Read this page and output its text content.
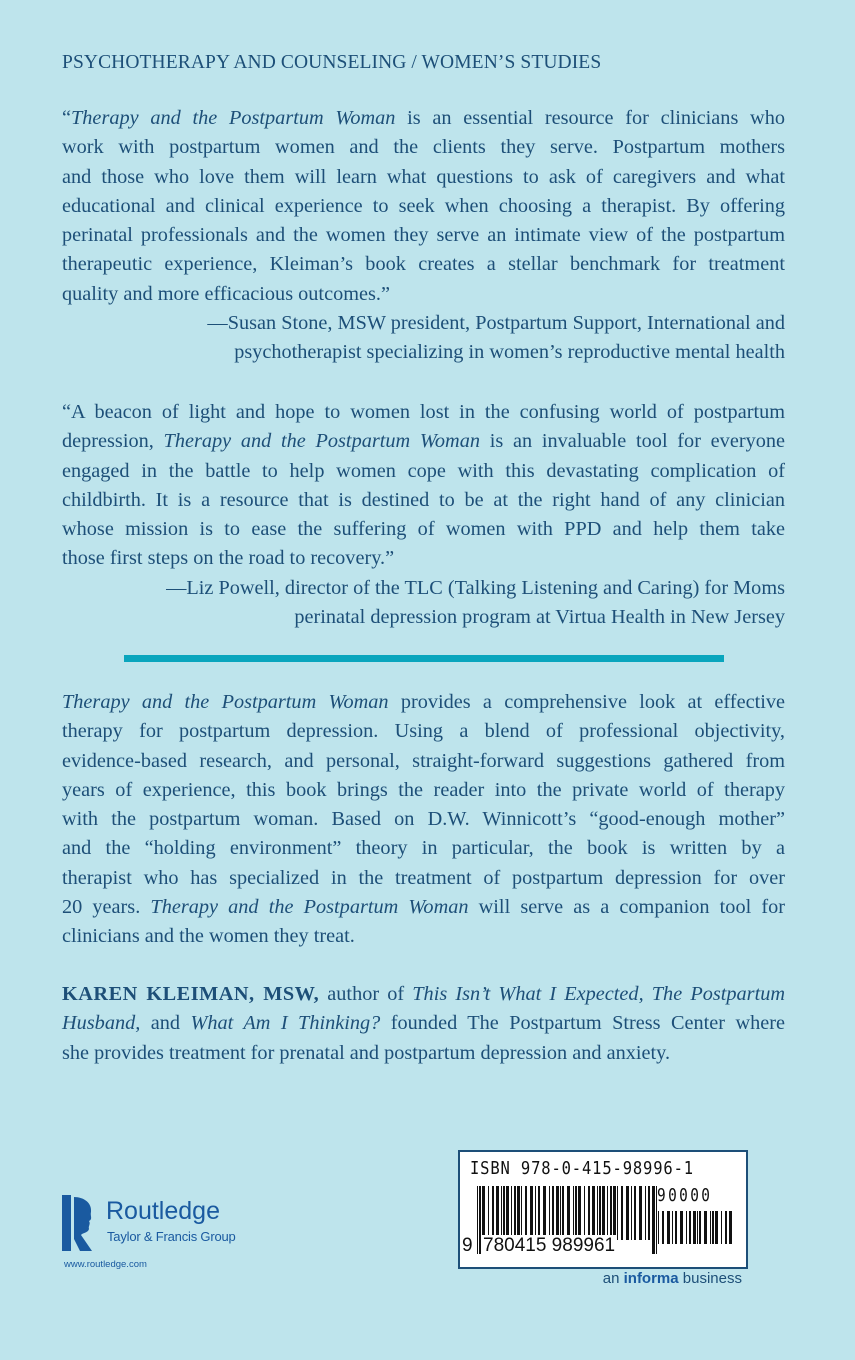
PSYCHOTHERAPY AND COUNSELING / WOMEN’S STUDIES
“Therapy and the Postpartum Woman is an essential resource for clinicians who
work with postpartum women and the clients they serve. Postpartum mothers
and those who love them will learn what questions to ask of caregivers and what
educational and clinical experience to seek when choosing a therapist. By offering
perinatal professionals and the women they serve an intimate view of the postpartum
therapeutic experience, Kleiman’s book creates a stellar benchmark for treatment
quality and more efficacious outcomes.”
—Susan Stone, MSW president, Postpartum Support, International and
psychotherapist specializing in women’s reproductive mental health
“A beacon of light and hope to women lost in the confusing world of postpartum
depression, Therapy and the Postpartum Woman is an invaluable tool for everyone
engaged in the battle to help women cope with this devastating complication of
childbirth. It is a resource that is destined to be at the right hand of any clinician
whose mission is to ease the suffering of women with PPD and help them take
those first steps on the road to recovery.”
—Liz Powell, director of the TLC (Talking Listening and Caring) for Moms
perinatal depression program at Virtua Health in New Jersey
Therapy and the Postpartum Woman provides a comprehensive look at effective
therapy for postpartum depression. Using a blend of professional objectivity,
evidence-based research, and personal, straight-forward suggestions gathered from
years of experience, this book brings the reader into the private world of therapy
with the postpartum woman. Based on D.W. Winnicott’s “good-enough mother”
and the “holding environment” theory in particular, the book is written by a
therapist who has specialized in the treatment of postpartum depression for over
20 years. Therapy and the Postpartum Woman will serve as a companion tool for
clinicians and the women they treat.
KAREN KLEIMAN, MSW, author of This Isn’t What I Expected, The Postpartum
Husband, and What Am I Thinking? founded The Postpartum Stress Center where
she provides treatment for prenatal and postpartum depression and anxiety.
Routledge
Taylor & Francis Group
www.routledge.com
ISBN 978-0-415-98996-1
90000
9 780415 989961
an informa business
